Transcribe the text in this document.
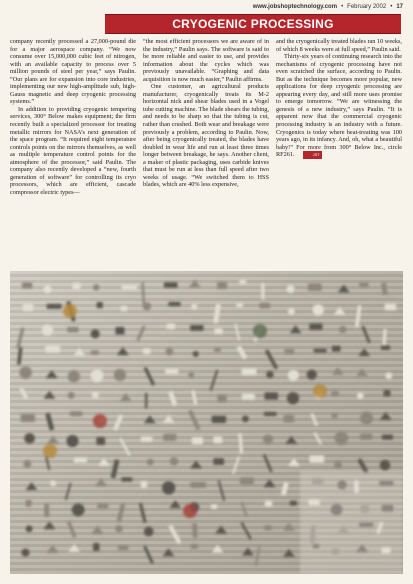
www.jobshoptechnology.com • February 2002 • 17
CRYOGENIC PROCESSING

company recently processed a 27,000-pound die for a major aerospace company. “We now consume over 15,000,000 cubic feet of nitrogen, with an available capacity to process over 5 million pounds of steel per year,” says Paulin. “Our plans are for expansion into core industries, implementing our new high-amplitude sub, high-Gauss magnetic and deep cryogenic processing systems.”

In addition to providing cryogenic tempering services, 300° Below makes equipment; the firm recently built a specialized processor for treating metallic mirrors for NASA’s next generation of the space program. “It required eight temperature controls points on the mirrors themselves, as well as multiple temperature control points for the atmosphere of the processor,” said Paulin. The company also recently developed a “new, fourth generation of software” for controlling its cryo processors, which are efficient, cascade compressor electric types—

“the most efficient processors we are aware of in the industry,” Paulin says. The software is said to be more reliable and easier to use, and provides information about the cycles which was previously unavailable. “Graphing and data acquisition is now much easier,” Paulin affirms.

One customer, an agricultural products manufacturer, cryogenically treats its M-2 horizontal nick and shear blades used in a Vogel tube cutting machine. The blade shears the tubing, and needs to be sharp so that the tubing is cut, rather than crushed. Both wear and breakage were previously a problem, according to Paulin. Now, after being cryogenically treated, the blades have doubled in wear life and run at least three times longer between breakage, he says. Another client, a maker of plastic packaging, uses carbide knives that must be run at less than full speed after two weeks of usage. “We switched them to HSS blades, which are 40% less expensive,

and the cryogenically treated blades ran 10 weeks, of which 8 weeks were at full speed,” Paulin said.

Thirty-six years of continuing research into the mechanisms of cryogenic processing have not even scratched the surface, according to Paulin. But as the technique becomes more popular, new applications for deep cryogenic processing are appearing every day, and still more uses promise to emerge tomorrow. “We are witnessing the genesis of a new industry,” says Paulin. “It is apparent now that the commercial cryogenic processing industry is an industry with a future. Cryogenics is today where heat-treating was 100 years ago, in its infancy. And, oh, what a beautiful baby!” For more from 300° Below Inc., circle RF261.	JST
